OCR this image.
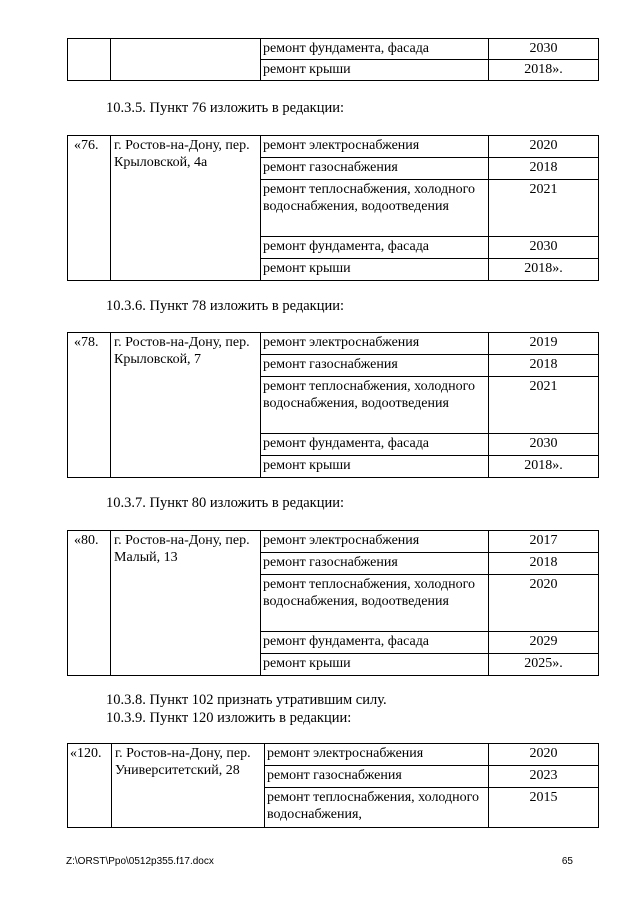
		ремонт фундамента, фасада	2030
		ремонт крыши	2018».
10.3.5. Пункт 76 изложить в редакции:
«76.	г. Ростов-на-Дону, пер. Крыловской, 4а	ремонт электроснабжения	2020
		ремонт газоснабжения	2018
		ремонт теплоснабжения, холодного водоснабжения, водоотведения	2021
		ремонт фундамента, фасада	2030
		ремонт крыши	2018».
10.3.6. Пункт 78 изложить в редакции:
«78.	г. Ростов-на-Дону, пер. Крыловской, 7	ремонт электроснабжения	2019
		ремонт газоснабжения	2018
		ремонт теплоснабжения, холодного водоснабжения, водоотведения	2021
		ремонт фундамента, фасада	2030
		ремонт крыши	2018».
10.3.7. Пункт 80 изложить в редакции:
«80.	г. Ростов-на-Дону, пер. Малый, 13	ремонт электроснабжения	2017
		ремонт газоснабжения	2018
		ремонт теплоснабжения, холодного водоснабжения, водоотведения	2020
		ремонт фундамента, фасада	2029
		ремонт крыши	2025».
10.3.8. Пункт 102 признать утратившим силу.
10.3.9. Пункт 120 изложить в редакции:
«120.	г. Ростов-на-Дону, пер. Университетский, 28	ремонт электроснабжения	2020
		ремонт газоснабжения	2023
		ремонт теплоснабжения, холодного водоснабжения,	2015
Z:\ORST\Ppo\0512p355.f17.docx	65
